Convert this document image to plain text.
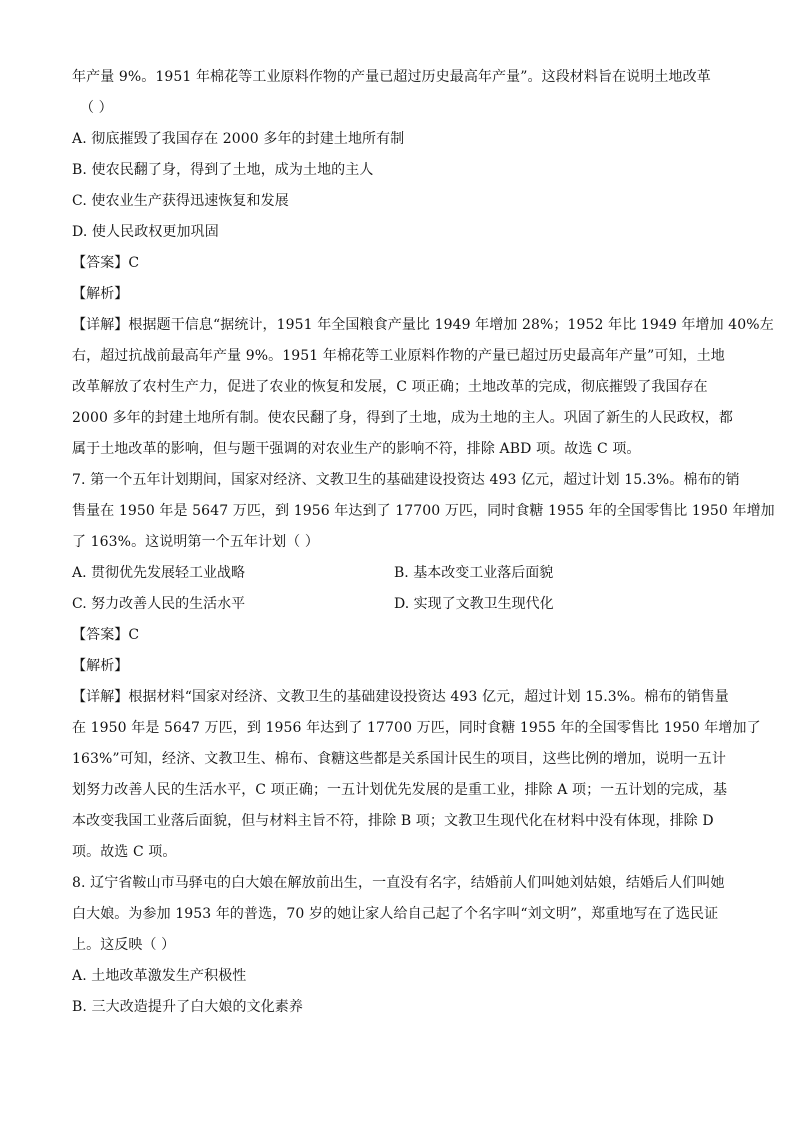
年产量 9%。1951 年棉花等工业原料作物的产量已超过历史最高年产量”。这段材料旨在说明土地改革
（ ）
A. 彻底摧毁了我国存在 2000 多年的封建土地所有制
B. 使农民翻了身，得到了土地，成为土地的主人
C. 使农业生产获得迅速恢复和发展
D. 使人民政权更加巩固
【答案】C
【解析】
【详解】根据题干信息“据统计，1951 年全国粮食产量比 1949 年增加 28%；1952 年比 1949 年增加 40%左
右，超过抗战前最高年产量 9%。1951 年棉花等工业原料作物的产量已超过历史最高年产量”可知，土地
改革解放了农村生产力，促进了农业的恢复和发展，C 项正确；土地改革的完成，彻底摧毁了我国存在
2000 多年的封建土地所有制。使农民翻了身，得到了土地，成为土地的主人。巩固了新生的人民政权，都
属于土地改革的影响，但与题干强调的对农业生产的影响不符，排除 ABD 项。故选 C 项。
7. 第一个五年计划期间，国家对经济、文教卫生的基础建设投资达 493 亿元，超过计划 15.3%。棉布的销
售量在 1950 年是 5647 万匹，到 1956 年达到了 17700 万匹，同时食糖 1955 年的全国零售比 1950 年增加
了 163%。这说明第一个五年计划（ ）
A. 贯彻优先发展轻工业战略	B. 基本改变工业落后面貌
C. 努力改善人民的生活水平	D. 实现了文教卫生现代化
【答案】C
【解析】
【详解】根据材料“国家对经济、文教卫生的基础建设投资达 493 亿元，超过计划 15.3%。棉布的销售量
在 1950 年是 5647 万匹，到 1956 年达到了 17700 万匹，同时食糖 1955 年的全国零售比 1950 年增加了
163%”可知，经济、文教卫生、棉布、食糖这些都是关系国计民生的项目，这些比例的增加，说明一五计
划努力改善人民的生活水平，C 项正确；一五计划优先发展的是重工业，排除 A 项；一五计划的完成，基
本改变我国工业落后面貌，但与材料主旨不符，排除 B 项；文教卫生现代化在材料中没有体现，排除 D
项。故选 C 项。
8. 辽宁省鞍山市马驿屯的白大娘在解放前出生，一直没有名字，结婚前人们叫她刘姑娘，结婚后人们叫她
白大娘。为参加 1953 年的普选，70 岁的她让家人给自己起了个名字叫“刘文明”，郑重地写在了选民证
上。这反映（ ）
A. 土地改革激发生产积极性
B. 三大改造提升了白大娘的文化素养
